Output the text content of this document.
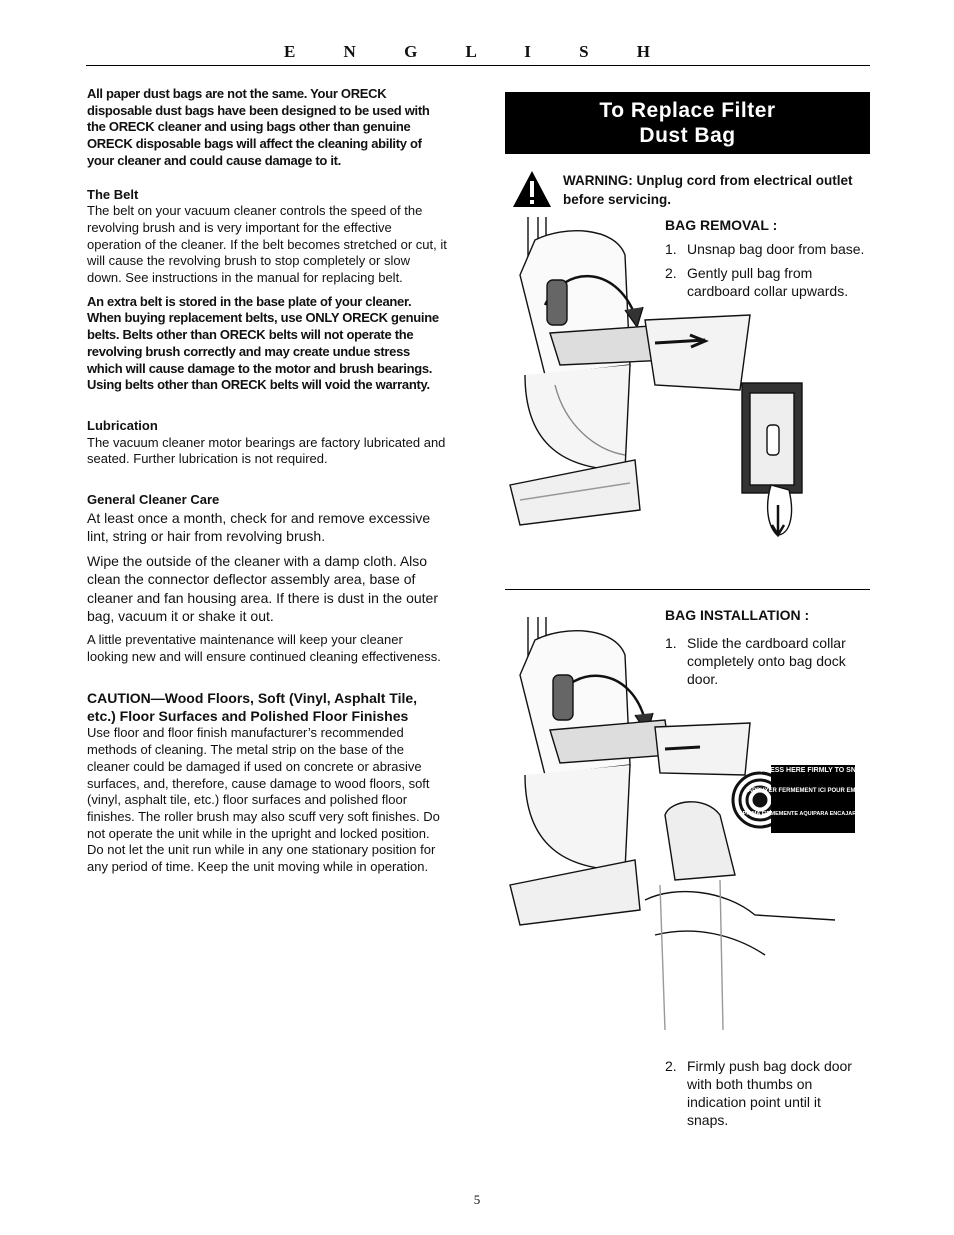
E N G L I S H

All paper dust bags are not the same. Your ORECK disposable dust bags have been designed to be used with the ORECK cleaner and using bags other than genuine ORECK disposable bags will affect the cleaning ability of your cleaner and could cause damage to it.

The Belt

The belt on your vacuum cleaner controls the speed of the revolving brush and is very important for the effective operation of the cleaner. If the belt becomes stretched or cut, it will cause the revolving brush to stop completely or slow down. See instructions in the manual for replacing belt.

An extra belt is stored in the base plate of your cleaner. When buying replacement belts, use ONLY ORECK genuine belts. Belts other than ORECK belts will not operate the revolving brush correctly and may create undue stress which will cause damage to the motor and brush bearings. Using belts other than ORECK belts will void the warranty.

Lubrication

The vacuum cleaner motor bearings are factory lubricated and seated. Further lubrication is not required.

General Cleaner Care

At least once a month, check for and remove excessive lint, string or hair from revolving brush.

Wipe the outside of the cleaner with a damp cloth. Also clean the connector deflector assembly area, base of cleaner and fan housing area. If there is dust in the outer bag, vacuum it or shake it out.

A little preventative maintenance will keep your cleaner looking new and will ensure continued cleaning effectiveness.

CAUTION—Wood Floors, Soft (Vinyl, Asphalt Tile, etc.) Floor Surfaces and Polished Floor Finishes

Use floor and floor finish manufacturer’s recommended methods of cleaning. The metal strip on the base of the cleaner could be damaged if used on concrete or abrasive surfaces, and, therefore, cause damage to wood floors, soft (vinyl, asphalt tile, etc.) floor surfaces and polished floor finishes. The roller brush may also scuff very soft finishes. Do not operate the unit while in the upright and locked position. Do not let the unit run while in any one stationary position for any period of time. Keep the unit moving while in operation.

To Replace Filter
Dust Bag
WARNING: Unplug cord from electrical outlet before servicing.
BAG REMOVAL :
1. Unsnap bag door from base.
2. Gently pull bag from cardboard collar upwards.
BAG INSTALLATION :
1. Slide the cardboard collar completely onto bag dock door.
PRESS HERE FIRMLY TO SNAP
APPUYER FERMEMENT ICI POUR EMBOITER
OPRIMA FIRMEMENTE AQUIPARA ENCAJAR A PRESION
2. Firmly push bag dock door with both thumbs on indication point until it snaps.
5
